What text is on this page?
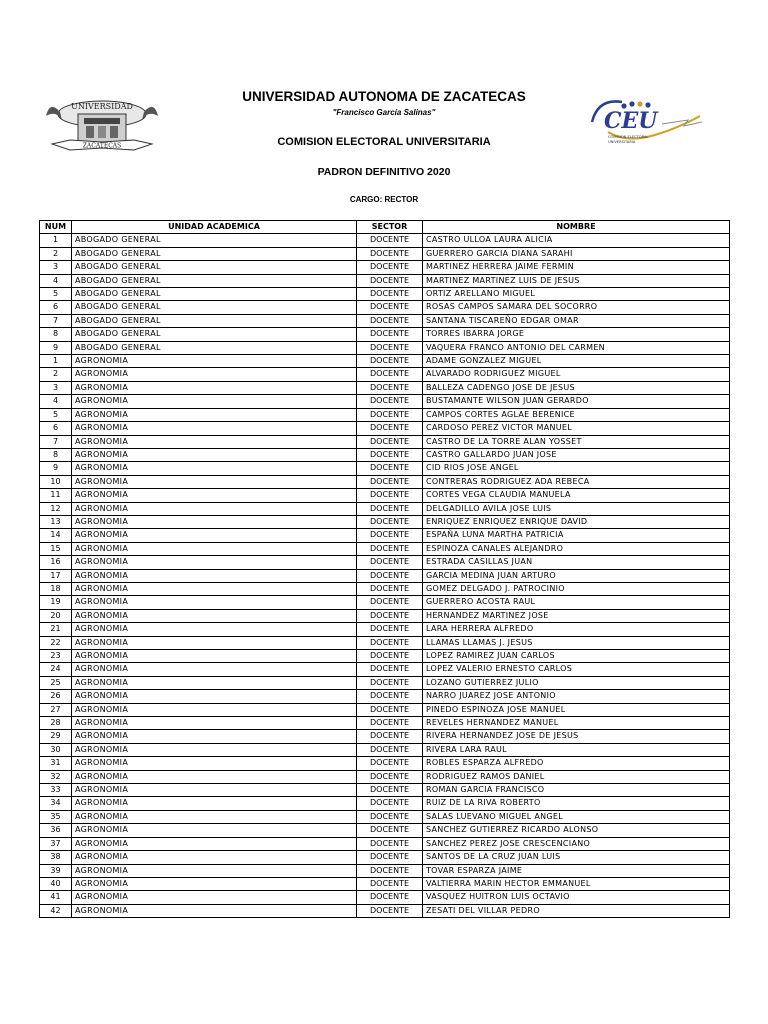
UNIVERSIDAD
ZACATECAS
CEU
COMISION ELECTORAL
UNIVERSITARIA
UNIVERSIDAD AUTONOMA DE ZACATECAS
"Francisco García Salinas"
COMISION ELECTORAL UNIVERSITARIA
PADRON DEFINITIVO 2020
CARGO: RECTOR
NUM	UNIDAD ACADEMICA	SECTOR	NOMBRE
1	ABOGADO GENERAL	DOCENTE	CASTRO ULLOA LAURA ALICIA
2	ABOGADO GENERAL	DOCENTE	GUERRERO GARCIA DIANA SARAHI
3	ABOGADO GENERAL	DOCENTE	MARTINEZ HERRERA JAIME FERMIN
4	ABOGADO GENERAL	DOCENTE	MARTINEZ MARTINEZ LUIS DE JESUS
5	ABOGADO GENERAL	DOCENTE	ORTIZ ARELLANO MIGUEL
6	ABOGADO GENERAL	DOCENTE	ROSAS CAMPOS SAMARA DEL SOCORRO
7	ABOGADO GENERAL	DOCENTE	SANTANA TISCAREÑO EDGAR OMAR
8	ABOGADO GENERAL	DOCENTE	TORRES IBARRA JORGE
9	ABOGADO GENERAL	DOCENTE	VAQUERA FRANCO ANTONIO DEL CARMEN
1	AGRONOMIA	DOCENTE	ADAME GONZALEZ MIGUEL
2	AGRONOMIA	DOCENTE	ALVARADO RODRIGUEZ MIGUEL
3	AGRONOMIA	DOCENTE	BALLEZA CADENGO JOSE DE JESUS
4	AGRONOMIA	DOCENTE	BUSTAMANTE WILSON JUAN GERARDO
5	AGRONOMIA	DOCENTE	CAMPOS CORTES AGLAE BERENICE
6	AGRONOMIA	DOCENTE	CARDOSO PEREZ VICTOR MANUEL
7	AGRONOMIA	DOCENTE	CASTRO DE LA TORRE ALAN YOSSET
8	AGRONOMIA	DOCENTE	CASTRO GALLARDO JUAN JOSE
9	AGRONOMIA	DOCENTE	CID RIOS JOSE ANGEL
10	AGRONOMIA	DOCENTE	CONTRERAS RODRIGUEZ ADA REBECA
11	AGRONOMIA	DOCENTE	CORTES VEGA CLAUDIA MANUELA
12	AGRONOMIA	DOCENTE	DELGADILLO AVILA JOSE LUIS
13	AGRONOMIA	DOCENTE	ENRIQUEZ ENRIQUEZ ENRIQUE DAVID
14	AGRONOMIA	DOCENTE	ESPAÑA LUNA MARTHA PATRICIA
15	AGRONOMIA	DOCENTE	ESPINOZA CANALES ALEJANDRO
16	AGRONOMIA	DOCENTE	ESTRADA CASILLAS JUAN
17	AGRONOMIA	DOCENTE	GARCIA MEDINA JUAN ARTURO
18	AGRONOMIA	DOCENTE	GOMEZ DELGADO J. PATROCINIO
19	AGRONOMIA	DOCENTE	GUERRERO ACOSTA RAUL
20	AGRONOMIA	DOCENTE	HERNANDEZ MARTINEZ JOSE
21	AGRONOMIA	DOCENTE	LARA HERRERA ALFREDO
22	AGRONOMIA	DOCENTE	LLAMAS LLAMAS J. JESUS
23	AGRONOMIA	DOCENTE	LOPEZ RAMIREZ JUAN CARLOS
24	AGRONOMIA	DOCENTE	LOPEZ VALERIO ERNESTO CARLOS
25	AGRONOMIA	DOCENTE	LOZANO GUTIERREZ JULIO
26	AGRONOMIA	DOCENTE	NARRO JUAREZ JOSE ANTONIO
27	AGRONOMIA	DOCENTE	PINEDO ESPINOZA JOSE MANUEL
28	AGRONOMIA	DOCENTE	REVELES HERNANDEZ MANUEL
29	AGRONOMIA	DOCENTE	RIVERA HERNANDEZ JOSE DE JESUS
30	AGRONOMIA	DOCENTE	RIVERA LARA RAUL
31	AGRONOMIA	DOCENTE	ROBLES ESPARZA ALFREDO
32	AGRONOMIA	DOCENTE	RODRIGUEZ RAMOS DANIEL
33	AGRONOMIA	DOCENTE	ROMAN GARCIA FRANCISCO
34	AGRONOMIA	DOCENTE	RUIZ DE LA RIVA ROBERTO
35	AGRONOMIA	DOCENTE	SALAS LUEVANO MIGUEL ANGEL
36	AGRONOMIA	DOCENTE	SANCHEZ GUTIERREZ RICARDO ALONSO
37	AGRONOMIA	DOCENTE	SANCHEZ PEREZ JOSE CRESCENCIANO
38	AGRONOMIA	DOCENTE	SANTOS DE LA CRUZ JUAN LUIS
39	AGRONOMIA	DOCENTE	TOVAR ESPARZA JAIME
40	AGRONOMIA	DOCENTE	VALTIERRA MARIN HECTOR EMMANUEL
41	AGRONOMIA	DOCENTE	VASQUEZ HUITRON LUIS OCTAVIO
42	AGRONOMIA	DOCENTE	ZESATI DEL VILLAR PEDRO
